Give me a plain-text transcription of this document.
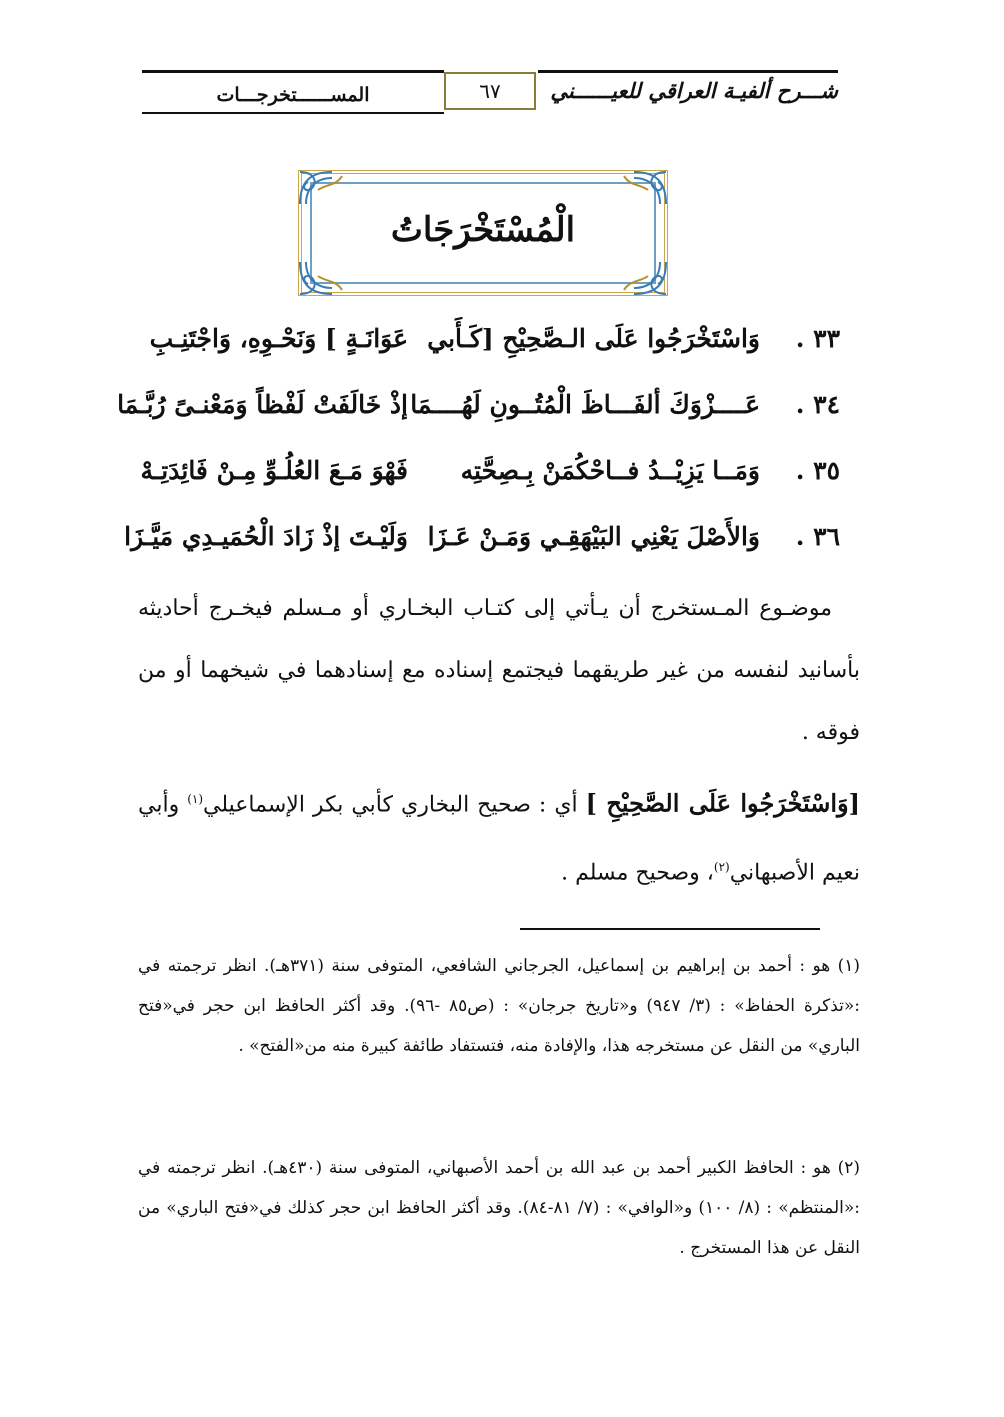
شـــرح ألفيـة العراقي للعيــــــني
٦٧
المســــــتخرجـــات
الْمُسْتَخْرَجَاتُ
٣٣ .
وَاسْتَخْرَجُوا عَلَى الـصَّحِيْحِ [كَـأَبي
عَوَانَـةٍ ] وَنَحْـوِهِ، وَاجْتَنِـبِ
٣٤ .
عَــــزْوَكَ ألفَـــاظَ الْمُتُــونِ لَهُــــمَا
إذْ خَالَفَتْ لَفْظاً وَمَعْنـىً رُبَّـمَا
٣٥ .
وَمَــا يَزِيْــدُ فــاحْكُمَنْ بِـصِحَّتِه
فَهْوَ مَـعَ العُلُـوِّ مِـنْ فَائِدَتِـهْ
٣٦ .
وَالأَصْلَ يَعْنِي البَيْهَقِـي وَمَـنْ عَـزَا
وَلَيْـتَ إذْ زَادَ الْحُمَيـدِي مَيَّـزَا
موضـوع المـستخرج أن يـأتي إلى كتـاب البخـاري أو مـسلم فيخـرج أحاديثه بأسانيد لنفسه من غير طريقهما فيجتمع إسناده مع إسنادهما في شيخهما أو من فوقه .
[وَاسْتَخْرَجُوا عَلَى الصَّحِيْحِ ] أي : صحيح البخاري كأبي بكر الإسماعيلي$^{(١)}$ وأبي نعيم الأصبهاني$^{(٢)}$، وصحيح مسلم .
(١) هو : أحمد بن إبراهيم بن إسماعيل، الجرجاني الشافعي، المتوفى سنة (٣٧١هـ). انظر ترجمته في :«تذكرة الحفاظ» : (٣/ ٩٤٧) و«تاريخ جرجان» : (ص٨٥ -٩٦). وقد أكثر الحافظ ابن حجر في«فتح الباري» من النقل عن مستخرجه هذا، والإفادة منه، فتستفاد طائفة كبيرة منه من«الفتح» .
(٢) هو : الحافظ الكبير أحمد بن عبد الله بن أحمد الأصبهاني، المتوفى سنة (٤٣٠هـ). انظر ترجمته في :«المنتظم» : (٨/ ١٠٠) و«الوافي» : (٧/ ٨١-٨٤). وقد أكثر الحافظ ابن حجر كذلك في«فتح الباري» من النقل عن هذا المستخرج .
